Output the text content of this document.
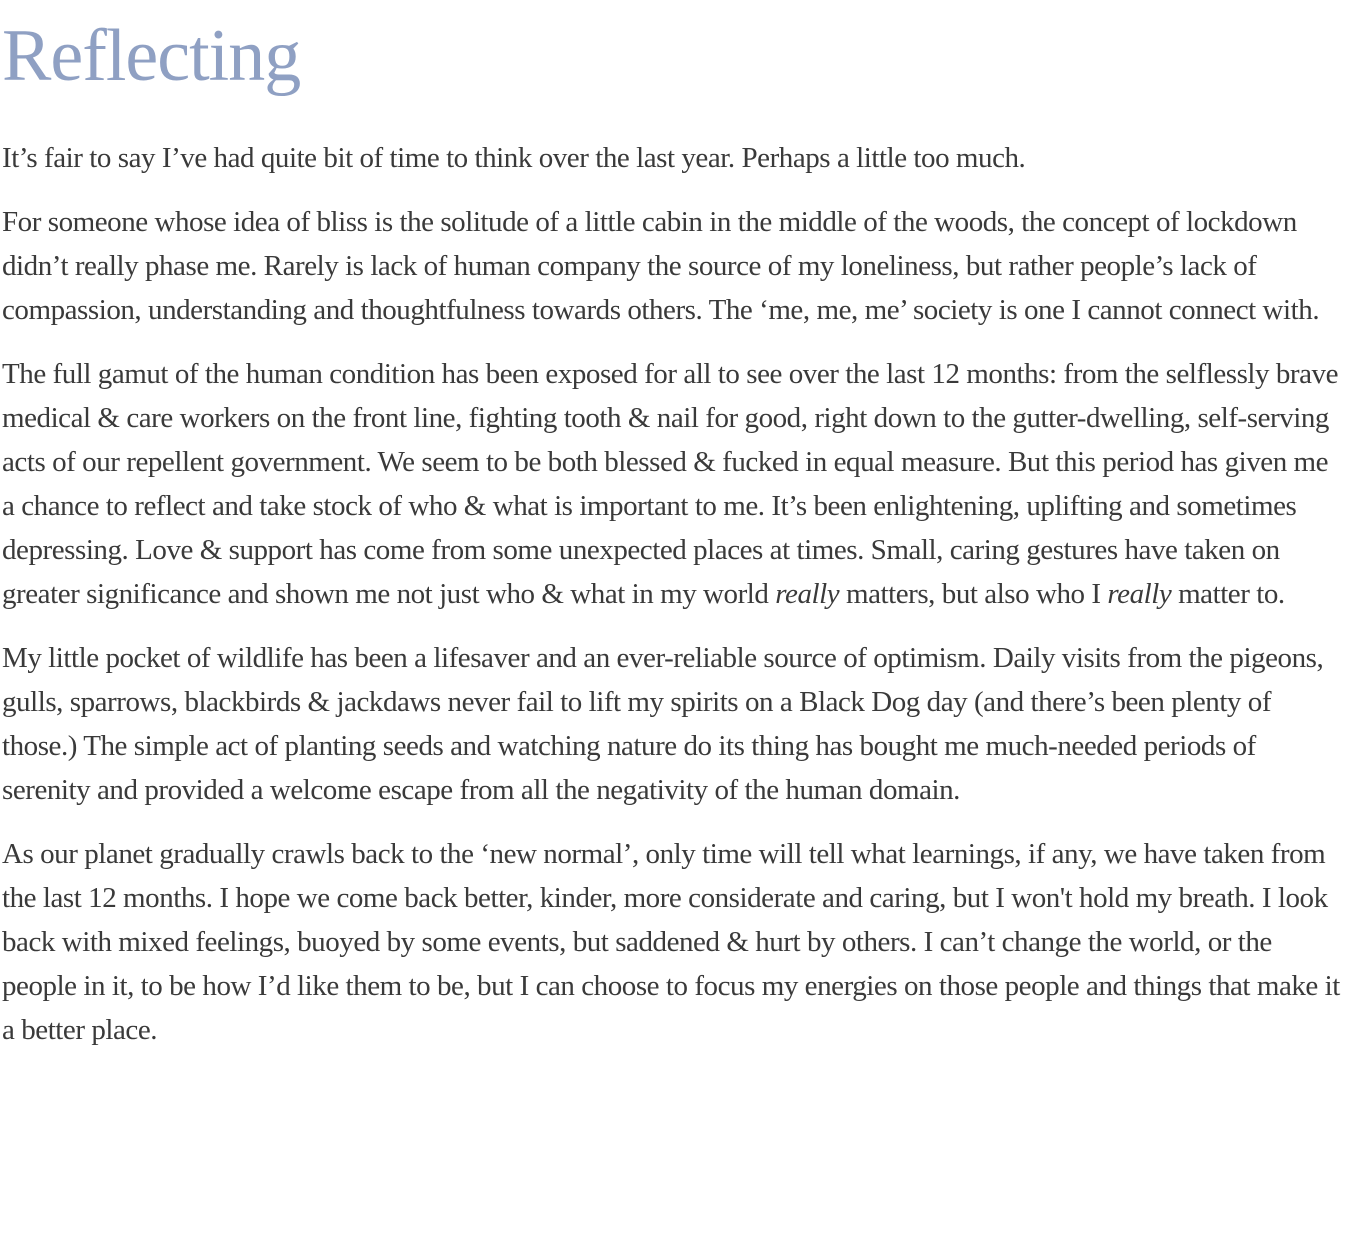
Reflecting

It’s fair to say I’ve had quite bit of time to think over the last year. Perhaps a little too much.

For someone whose idea of bliss is the solitude of a little cabin in the middle of the woods, the concept of lockdown didn’t really phase me. Rarely is lack of human company the source of my loneliness, but rather people’s lack of compassion, understanding and thoughtfulness towards others. The ‘me, me, me’ society is one I cannot connect with.

The full gamut of the human condition has been exposed for all to see over the last 12 months: from the selflessly brave medical & care workers on the front line, fighting tooth & nail for good, right down to the gutter-dwelling, self-serving acts of our repellent government. We seem to be both blessed & fucked in equal measure. But this period has given me a chance to reflect and take stock of who & what is important to me. It’s been enlightening, uplifting and sometimes depressing. Love & support has come from some unexpected places at times. Small, caring gestures have taken on greater significance and shown me not just who & what in my world really matters, but also who I really matter to.

My little pocket of wildlife has been a lifesaver and an ever-reliable source of optimism. Daily visits from the pigeons, gulls, sparrows, blackbirds & jackdaws never fail to lift my spirits on a Black Dog day (and there’s been plenty of those.) The simple act of planting seeds and watching nature do its thing has bought me much-needed periods of serenity and provided a welcome escape from all the negativity of the human domain.

As our planet gradually crawls back to the ‘new normal’, only time will tell what learnings, if any, we have taken from the last 12 months. I hope we come back better, kinder, more considerate and caring, but I won't hold my breath. I look back with mixed feelings, buoyed by some events, but saddened & hurt by others. I can’t change the world, or the people in it, to be how I’d like them to be, but I can choose to focus my energies on those people and things that make it a better place.
